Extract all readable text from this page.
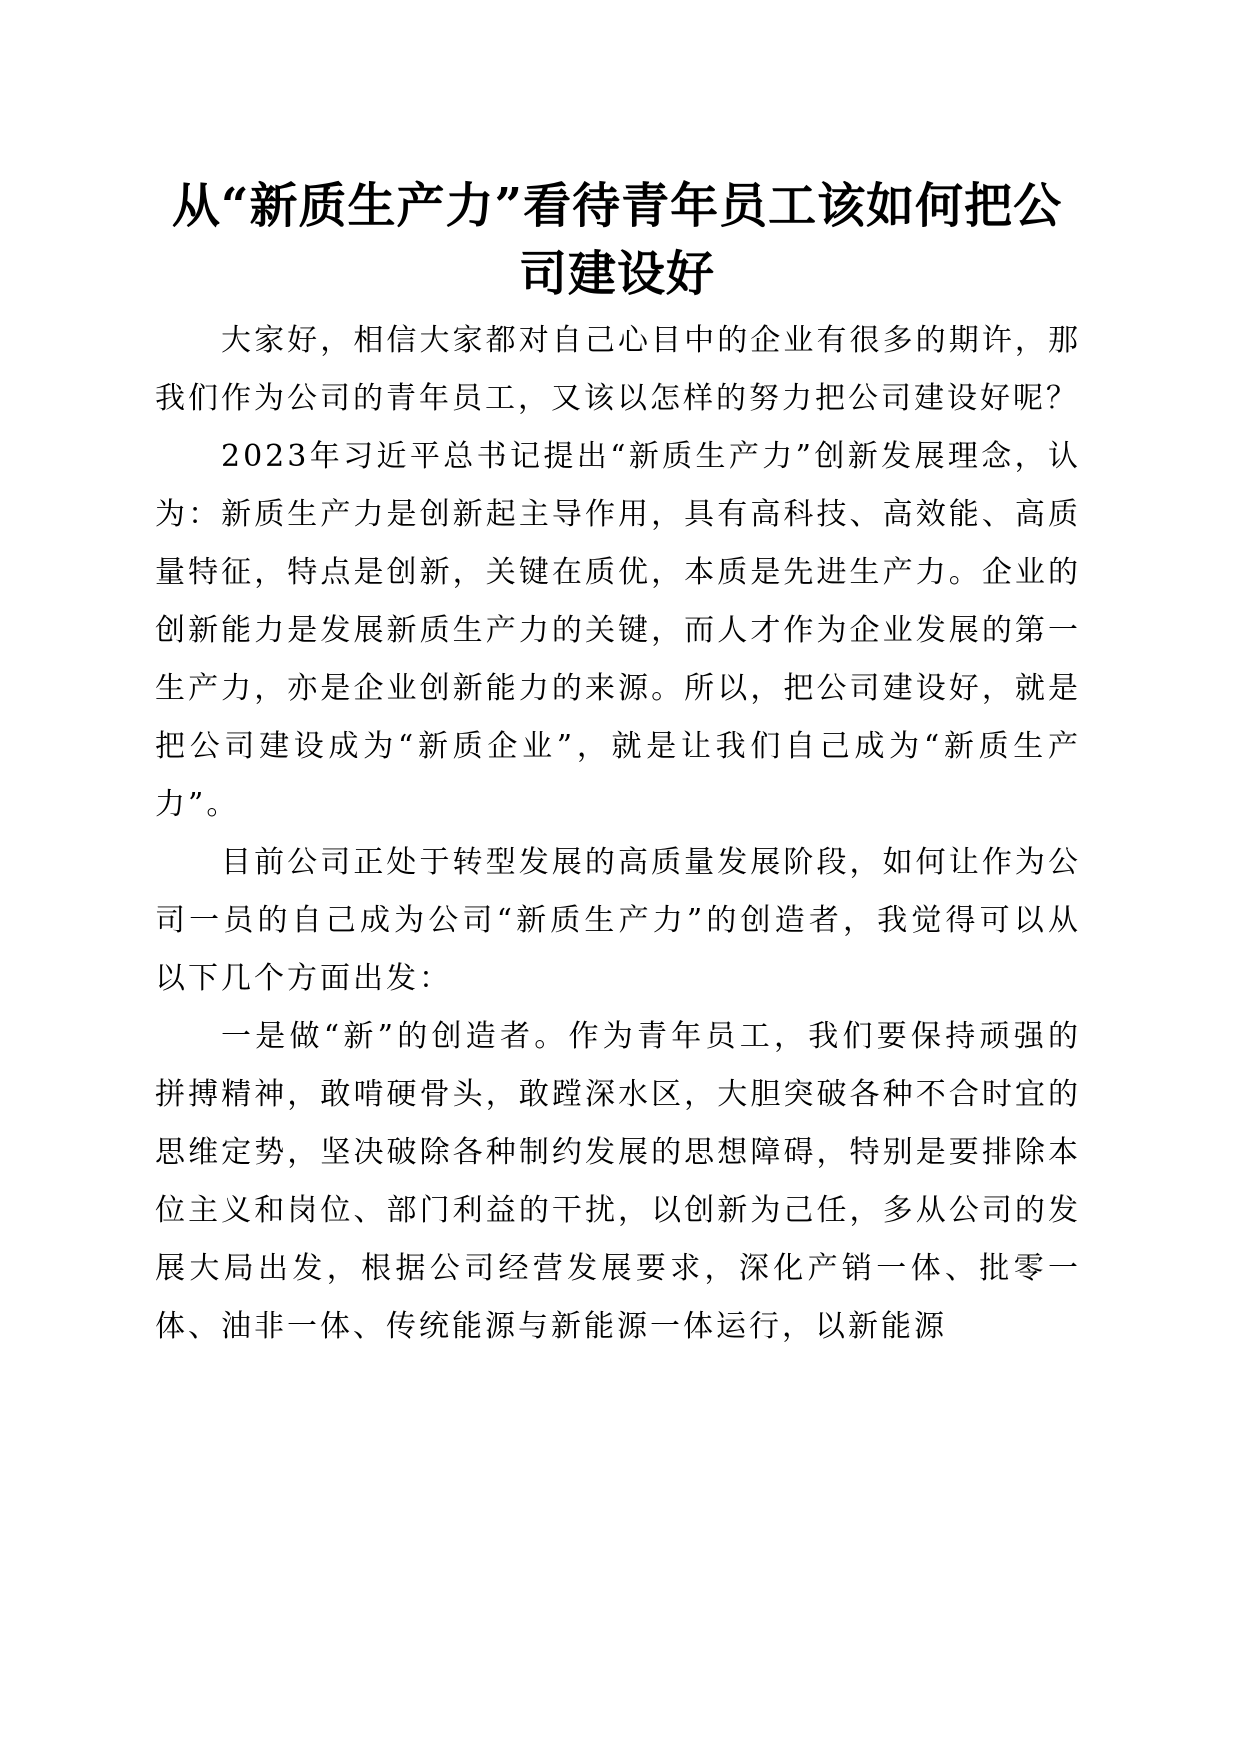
从“新质生产力”看待青年员工该如何把公司建设好

大家好，相信大家都对自己心目中的企业有很多的期许，那我们作为公司的青年员工，又该以怎样的努力把公司建设好呢？

2023年习近平总书记提出“新质生产力”创新发展理念，认为：新质生产力是创新起主导作用，具有高科技、高效能、高质量特征，特点是创新，关键在质优，本质是先进生产力。企业的创新能力是发展新质生产力的关键，而人才作为企业发展的第一生产力，亦是企业创新能力的来源。所以，把公司建设好，就是把公司建设成为“新质企业”，就是让我们自己成为“新质生产力”。

目前公司正处于转型发展的高质量发展阶段，如何让作为公司一员的自己成为公司“新质生产力”的创造者，我觉得可以从以下几个方面出发：

一是做“新”的创造者。作为青年员工，我们要保持顽强的拼搏精神，敢啃硬骨头，敢蹚深水区，大胆突破各种不合时宜的思维定势，坚决破除各种制约发展的思想障碍，特别是要排除本位主义和岗位、部门利益的干扰，以创新为己任，多从公司的发展大局出发，根据公司经营发展要求，深化产销一体、批零一体、油非一体、传统能源与新能源一体运行，以新能源
